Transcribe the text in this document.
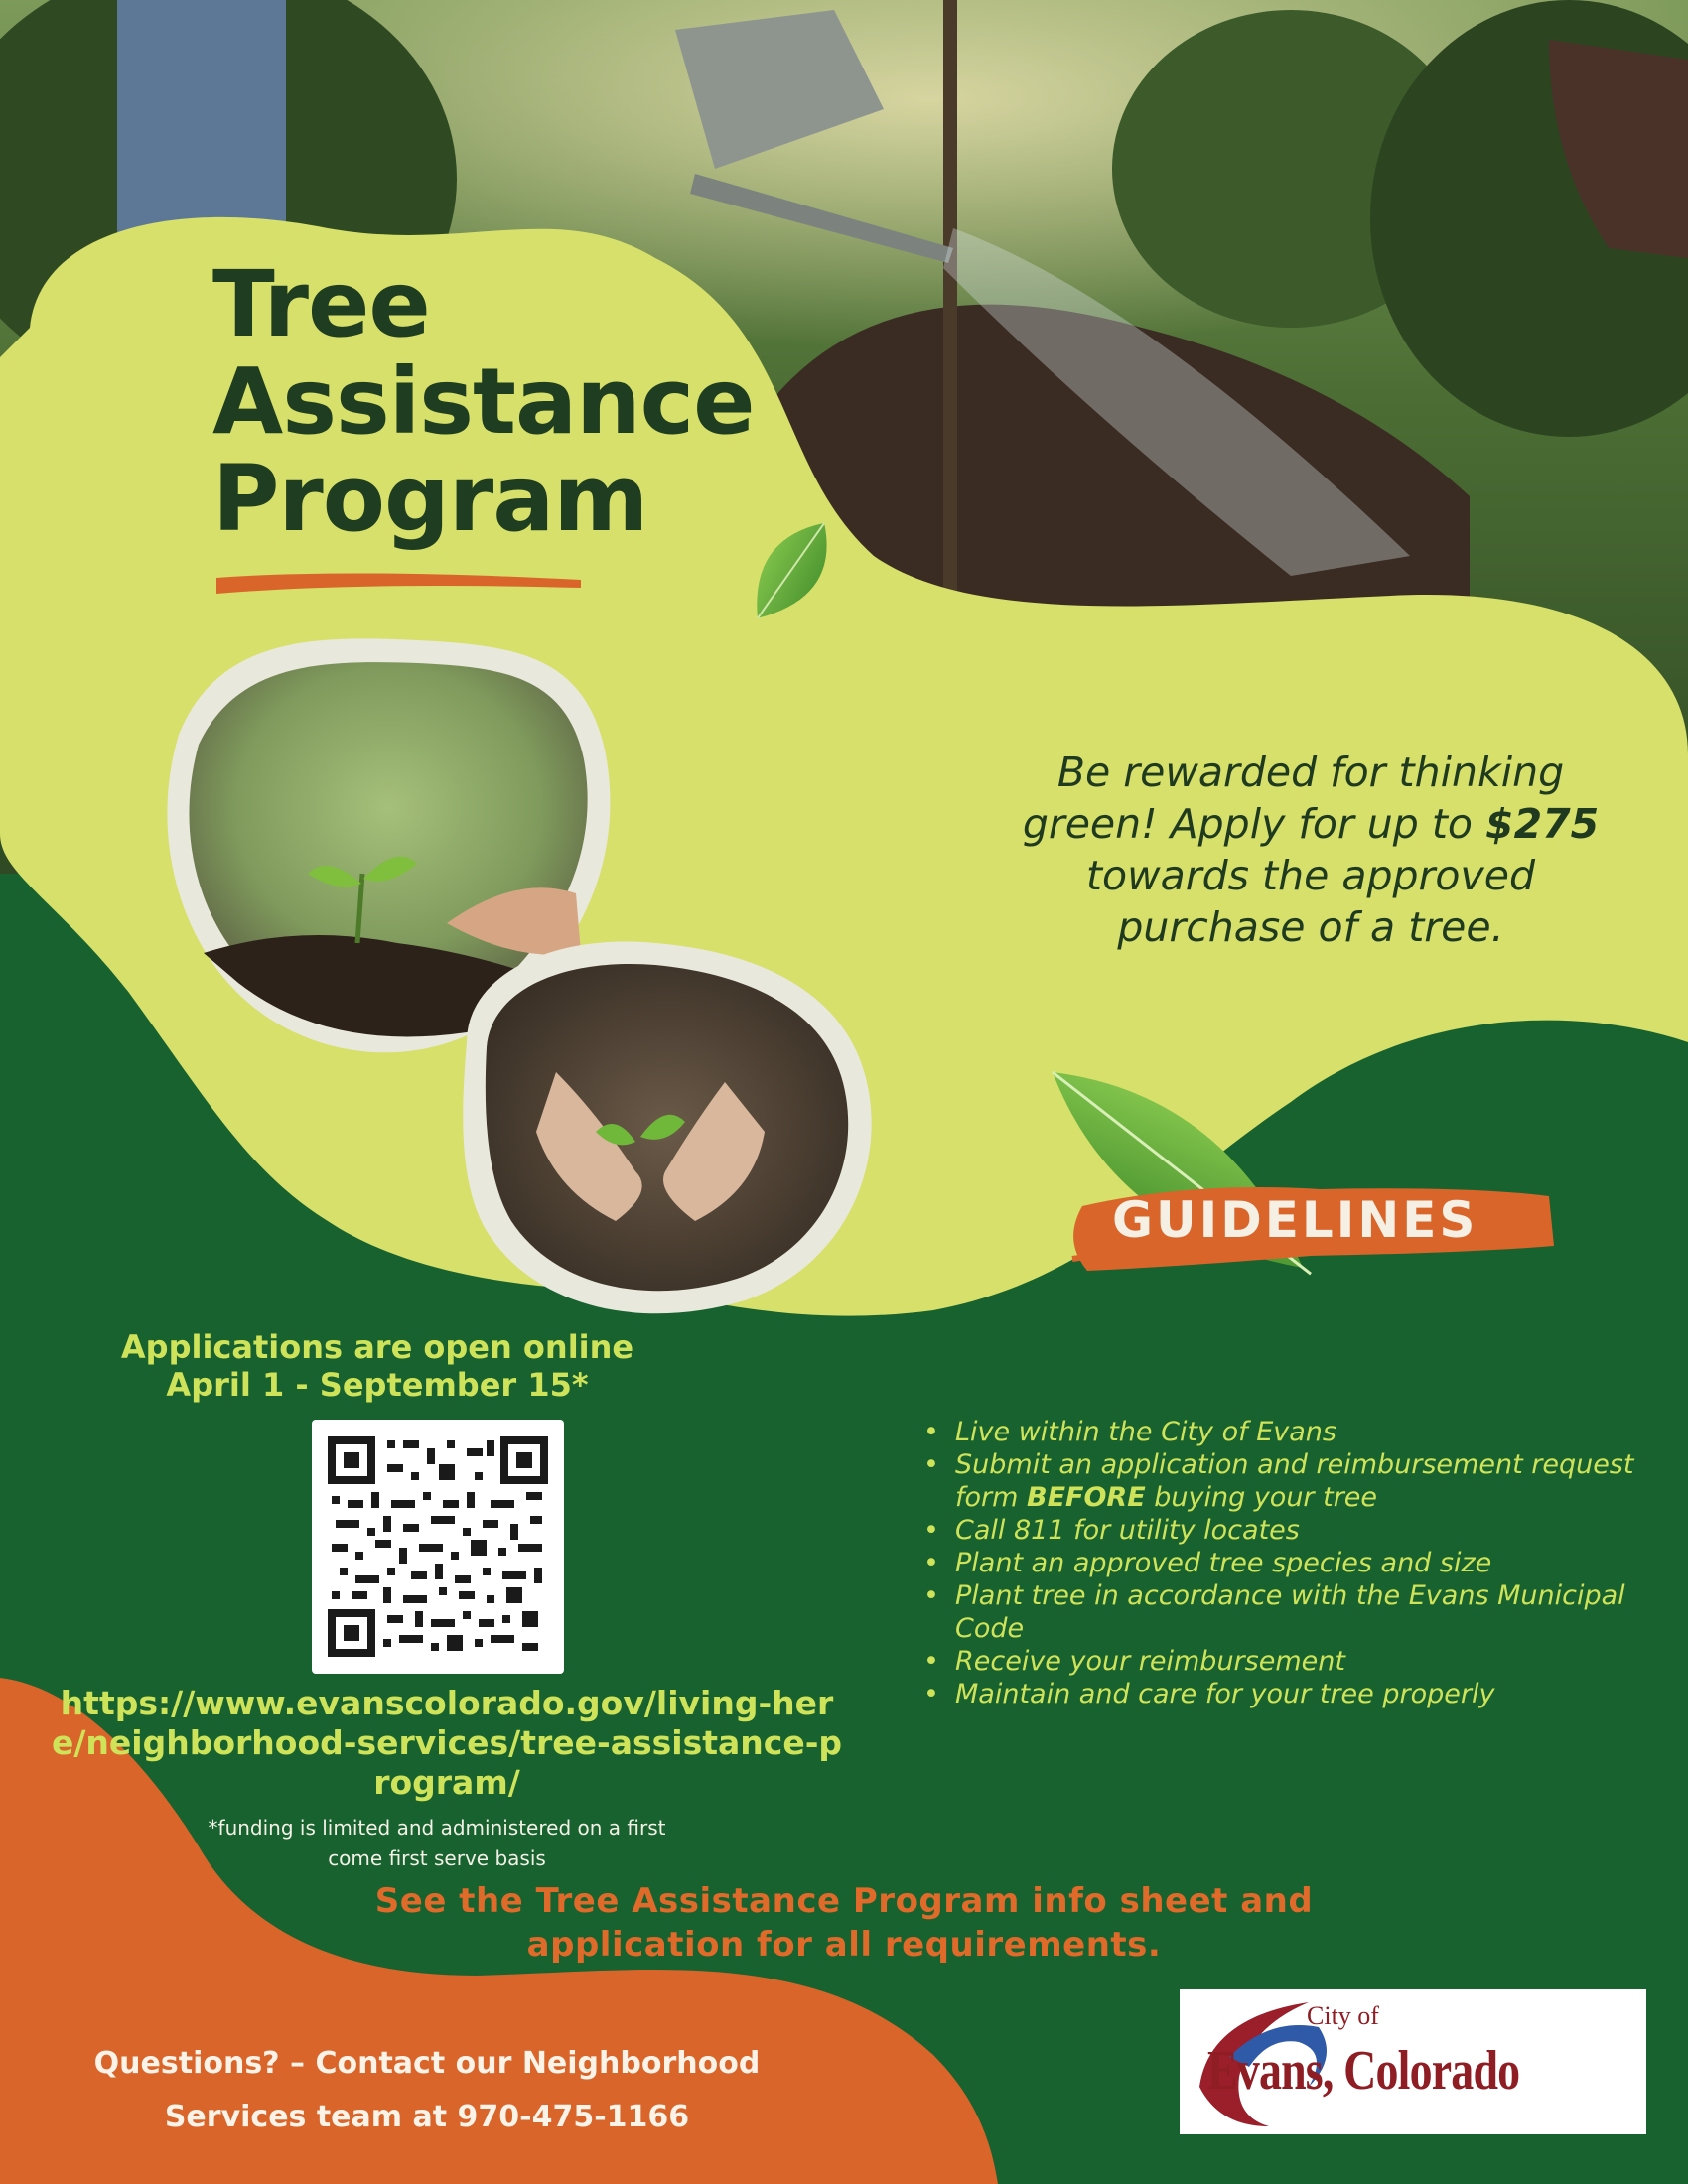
Tree
Assistance
Program
Be rewarded for thinking green! Apply for up to $275 towards the approved purchase of a tree.
GUIDELINES
Applications are open online
April 1 - September 15*
https://www.evanscolorado.gov/living-here/neighborhood-services/tree-assistance-program/
*funding is limited and administered on a first
come first serve basis
• Live within the City of Evans
• Submit an application and reimbursement request form BEFORE buying your tree
• Call 811 for utility locates
• Plant an approved tree species and size
• Plant tree in accordance with the Evans Municipal Code
• Receive your reimbursement
• Maintain and care for your tree properly
See the Tree Assistance Program info sheet and
application for all requirements.
Questions? – Contact our Neighborhood
Services team at 970-475-1166
City of
Evans, Colorado
